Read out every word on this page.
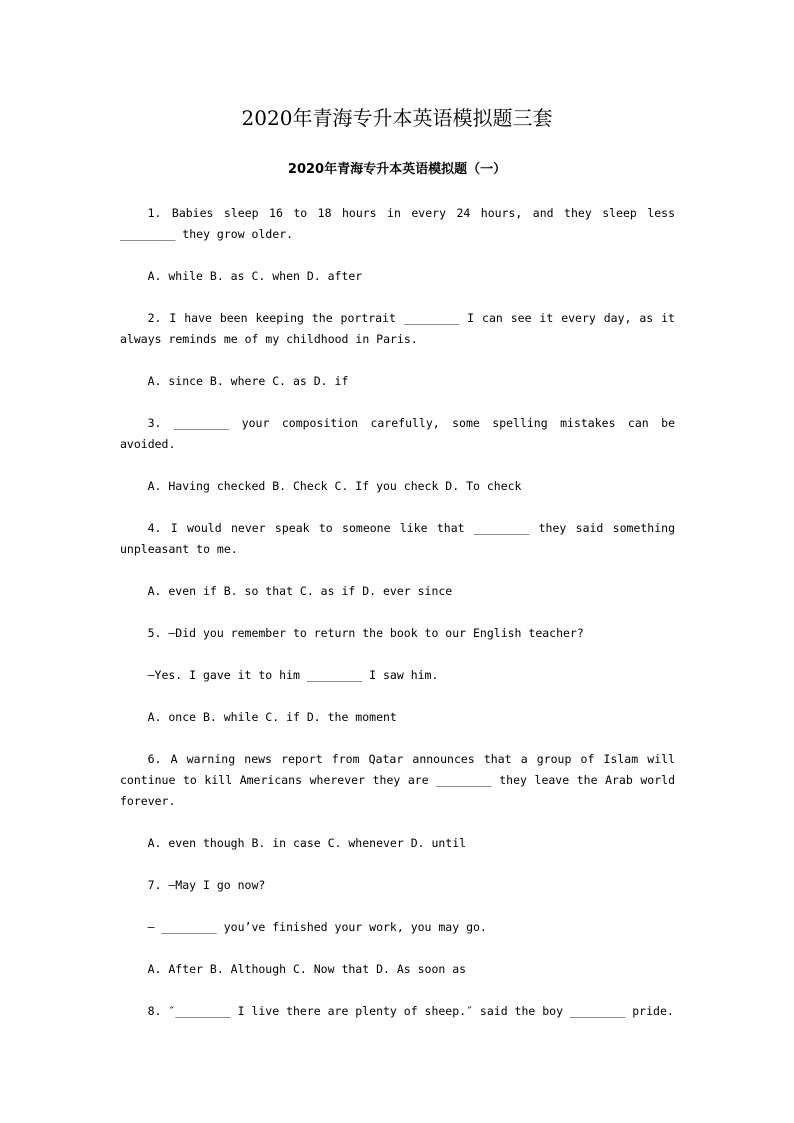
2020年青海专升本英语模拟题三套
2020年青海专升本英语模拟题（一）

1. Babies sleep 16 to 18 hours in every 24 hours, and they sleep less ________ they grow older.

A. while B. as C. when D. after

2. I have been keeping the portrait ________ I can see it every day, as it always reminds me of my childhood in Paris.

A. since B. where C. as D. if

3. ________ your composition carefully, some spelling mistakes can be avoided.

A. Having checked B. Check C. If you check D. To check

4. I would never speak to someone like that ________ they said something unpleasant to me.

A. even if B. so that C. as if D. ever since

5. –Did you remember to return the book to our English teacher?

–Yes. I gave it to him ________ I saw him.

A. once B. while C. if D. the moment

6. A warning news report from Qatar announces that a group of Islam will continue to kill Americans wherever they are ________ they leave the Arab world forever.

A. even though B. in case C. whenever D. until

7. —May I go now?

— ________ you’ve finished your work, you may go.

A. After B. Although C. Now that D. As soon as

8. ″________ I live there are plenty of sheep.″ said the boy ________ pride.
